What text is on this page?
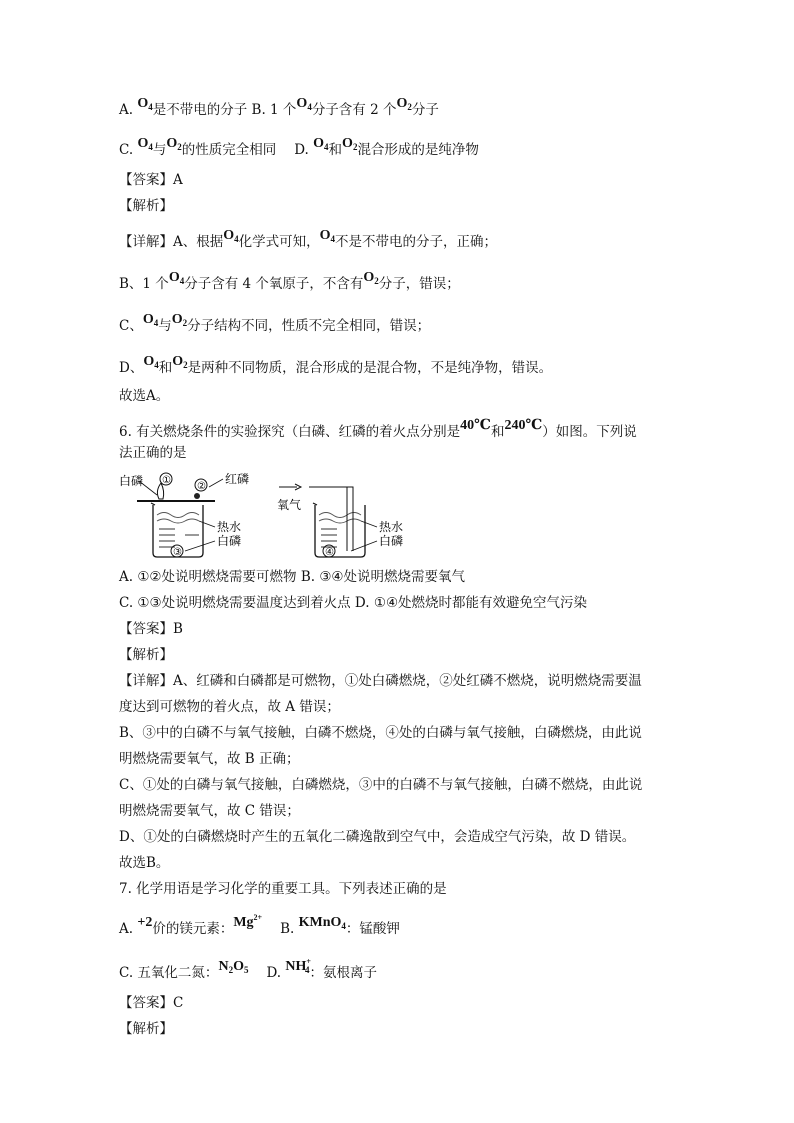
A. $O_4$是不带电的分子 B. 1 个$O_4$分子含有 2 个$O_2$分子

C. $O_4$与$O_2$的性质完全相同 D. $O_4$和$O_2$混合形成的是纯净物

【答案】A

【解析】

【详解】A、根据$O_4$化学式可知，$O_4$不是不带电的分子，正确；

B、1 个$O_4$分子含有 4 个氧原子，不含有$O_2$分子，错误；

C、$O_4$与$O_2$分子结构不同，性质不完全相同，错误；

D、$O_4$和$O_2$是两种不同物质，混合形成的是混合物，不是纯净物，错误。

故选A。

6. 有关燃烧条件的实验探究（白磷、红磷的着火点分别是40℃和240℃）如图。下列说

法正确的是

③
①
②
白磷	红磷
热水
白磷
氧气
④
热水
白磷

A. ①②处说明燃烧需要可燃物 B. ③④处说明燃烧需要氧气

C. ①③处说明燃烧需要温度达到着火点 D. ①④处燃烧时都能有效避免空气污染

【答案】B

【解析】

【详解】A、红磷和白磷都是可燃物，①处白磷燃烧，②处红磷不燃烧，说明燃烧需要温

度达到可燃物的着火点，故 A 错误；

B、③中的白磷不与氧气接触，白磷不燃烧，④处的白磷与氧气接触，白磷燃烧，由此说

明燃烧需要氧气，故 B 正确；

C、①处的白磷与氧气接触，白磷燃烧，③中的白磷不与氧气接触，白磷不燃烧，由此说

明燃烧需要氧气，故 C 错误；

D、①处的白磷燃烧时产生的五氧化二磷逸散到空气中，会造成空气污染，故 D 错误。

故选B。

7. 化学用语是学习化学的重要工具。下列表述正确的是

A. +2价的镁元素：$Mg^{2+}B$. KMnO$_4$：锰酸钾

C. 五氧化二氮：$N_2O_5$ D. $NH^+_4$：氨根离子

【答案】C

【解析】
